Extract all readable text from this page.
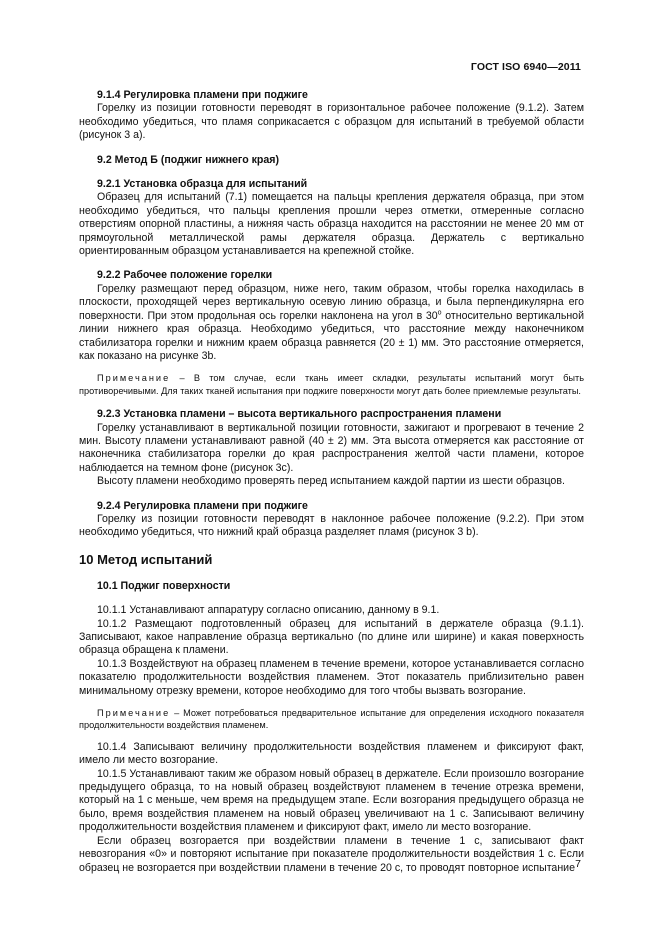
ГОСТ ISO 6940—2011

9.1.4 Регулировка пламени при поджиге

Горелку из позиции готовности переводят в горизонтальное рабочее положение (9.1.2). Затем необходимо убедиться, что пламя соприкасается с образцом для испытаний в требуемой области (рисунок 3 а).

9.2 Метод Б (поджиг нижнего края)

9.2.1 Установка образца для испытаний

Образец для испытаний (7.1) помещается на пальцы крепления держателя образца, при этом необходимо убедиться, что пальцы крепления прошли через отметки, отмеренные согласно отверстиям опорной пластины, а нижняя часть образца находится на расстоянии не менее 20 мм от прямоугольной металлической рамы держателя образца. Держатель с вертикально ориентированным образцом устанавливается на крепежной стойке.

9.2.2 Рабочее положение горелки

Горелку размещают перед образцом, ниже него, таким образом, чтобы горелка находилась в плоскости, проходящей через вертикальную осевую линию образца, и была перпендикулярна его поверхности. При этом продольная ось горелки наклонена на угол в $30^о$ относительно вертикальной линии нижнего края образца. Необходимо убедиться, что расстояние между наконечником стабилизатора горелки и нижним краем образца равняется (20 ± 1) мм. Это расстояние отмеряется, как показано на рисунке 3b.

Примечание – В том случае, если ткань имеет складки, результаты испытаний могут быть противоречивыми. Для таких тканей испытания при поджиге поверхности могут дать более приемлемые результаты.

9.2.3 Установка пламени – высота вертикального распространения пламени

Горелку устанавливают в вертикальной позиции готовности, зажигают и прогревают в течение 2 мин. Высоту пламени устанавливают равной (40 ± 2) мм. Эта высота отмеряется как расстояние от наконечника стабилизатора горелки до края распространения желтой части пламени, которое наблюдается на темном фоне (рисунок 3с).

Высоту пламени необходимо проверять перед испытанием каждой партии из шести образцов.

9.2.4 Регулировка пламени при поджиге

Горелку из позиции готовности переводят в наклонное рабочее положение (9.2.2). При этом необходимо убедиться, что нижний край образца разделяет пламя (рисунок 3 b).

10 Метод испытаний

10.1 Поджиг поверхности

10.1.1 Устанавливают аппаратуру согласно описанию, данному в 9.1.

10.1.2 Размещают подготовленный образец для испытаний в держателе образца (9.1.1). Записывают, какое направление образца вертикально (по длине или ширине) и какая поверхность образца обращена к пламени.

10.1.3 Воздействуют на образец пламенем в течение времени, которое устанавливается согласно показателю продолжительности воздействия пламенем. Этот показатель приблизительно равен минимальному отрезку времени, которое необходимо для того чтобы вызвать возгорание.

Примечание – Может потребоваться предварительное испытание для определения исходного показателя продолжительности воздействия пламенем.

10.1.4 Записывают величину продолжительности воздействия пламенем и фиксируют факт, имело ли место возгорание.

10.1.5 Устанавливают таким же образом новый образец в держателе. Если произошло возгорание предыдущего образца, то на новый образец воздействуют пламенем в течение отрезка времени, который на 1 с меньше, чем время на предыдущем этапе. Если возгорания предыдущего образца не было, время воздействия пламенем на новый образец увеличивают на 1 с. Записывают величину продолжительности воздействия пламенем и фиксируют факт, имело ли место возгорание.

Если образец возгорается при воздействии пламени в течение 1 с, записывают факт невозгорания «0» и повторяют испытание при показателе продолжительности воздействия 1 с. Если образец не возгорается при воздействии пламени в течение 20 с, то проводят повторное испытание 7
